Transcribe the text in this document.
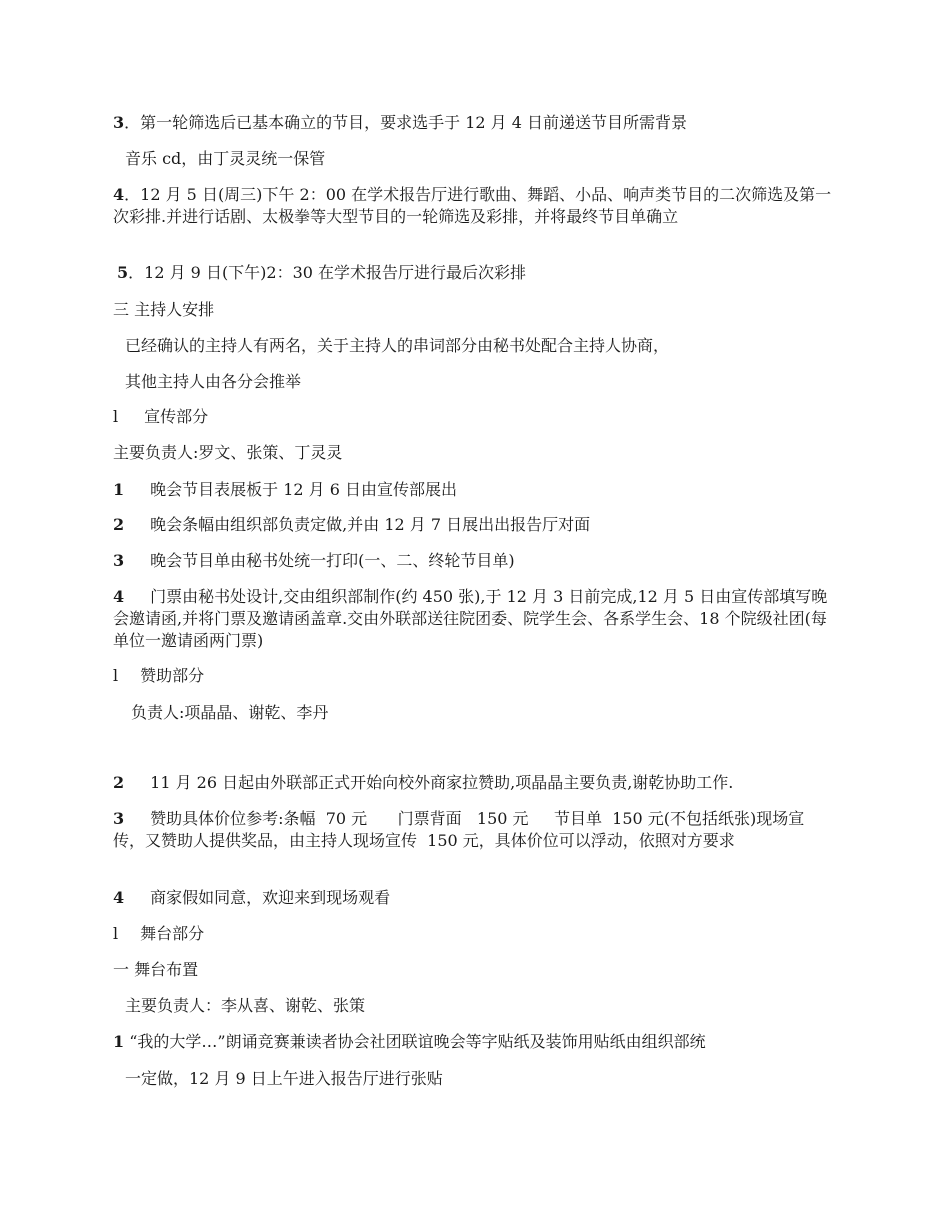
3．第一轮筛选后已基本确立的节目，要求选手于 12 月 4 日前递送节目所需背景
音乐 cd，由丁灵灵统一保管
4．12 月 5 日(周三)下午 2：00 在学术报告厅进行歌曲、舞蹈、小品、响声类节目的二次筛选及第一次彩排.并进行话剧、太极拳等大型节目的一轮筛选及彩排，并将最终节目单确立
5．12 月 9 日(下午)2：30 在学术报告厅进行最后次彩排
三 主持人安排
已经确认的主持人有两名，关于主持人的串词部分由秘书处配合主持人协商，
其他主持人由各分会推举
l 宣传部分
主要负责人:罗文、张策、丁灵灵
1 晚会节目表展板于 12 月 6 日由宣传部展出
2 晚会条幅由组织部负责定做,并由 12 月 7 日展出出报告厅对面
3 晚会节目单由秘书处统一打印(一、二、终轮节目单)
4 门票由秘书处设计,交由组织部制作(约 450 张),于 12 月 3 日前完成,12 月 5 日由宣传部填写晚会邀请函,并将门票及邀请函盖章.交由外联部送往院团委、院学生会、各系学生会、18 个院级社团(每单位一邀请函两门票)
l 赞助部分
负责人:项晶晶、谢乾、李丹
2 11 月 26 日起由外联部正式开始向校外商家拉赞助,项晶晶主要负责,谢乾协助工作.
3 赞助具体价位参考:条幅  70 元      门票背面   150 元     节目单  150 元(不包括纸张)现场宣传，又赞助人提供奖品，由主持人现场宣传  150 元，具体价位可以浮动，依照对方要求
4 商家假如同意，欢迎来到现场观看
l 舞台部分
一 舞台布置
主要负责人：李从喜、谢乾、张策
1 “我的大学…”朗诵竞赛兼读者协会社团联谊晚会等字贴纸及装饰用贴纸由组织部统
一定做，12 月 9 日上午进入报告厅进行张贴
